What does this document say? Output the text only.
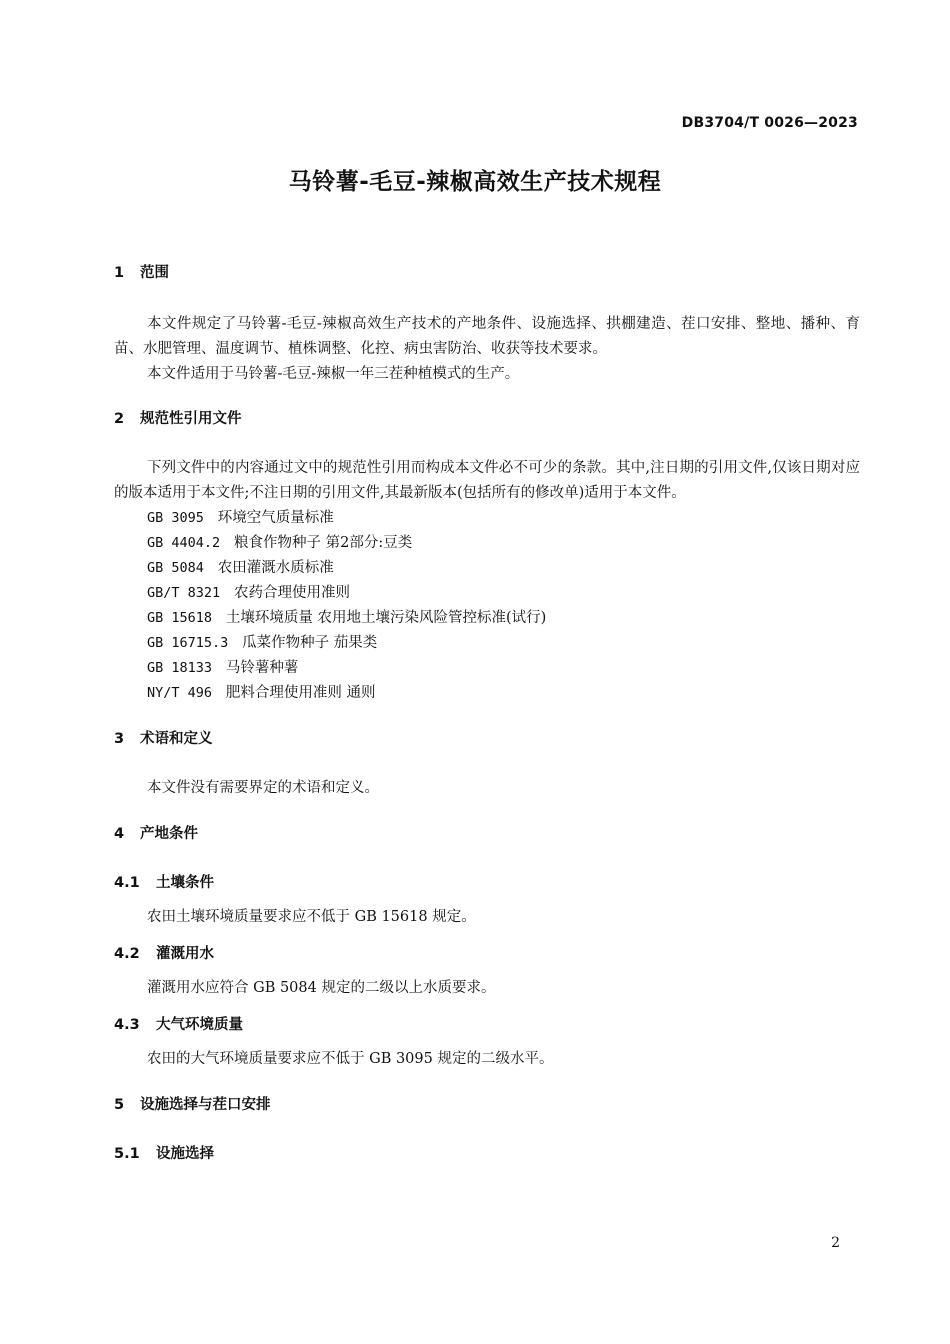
DB3704/T 0026—2023
马铃薯-毛豆-辣椒高效生产技术规程
1 范围

本文件规定了马铃薯-毛豆-辣椒高效生产技术的产地条件、设施选择、拱棚建造、茬口安排、整地、播种、育苗、水肥管理、温度调节、植株调整、化控、病虫害防治、收获等技术要求。

本文件适用于马铃薯-毛豆-辣椒一年三茬种植模式的生产。

2 规范性引用文件

下列文件中的内容通过文中的规范性引用而构成本文件必不可少的条款。其中,注日期的引用文件,仅该日期对应的版本适用于本文件;不注日期的引用文件,其最新版本(包括所有的修改单)适用于本文件。

GB 3095 环境空气质量标准
GB 4404.2 粮食作物种子 第2部分:豆类
GB 5084 农田灌溉水质标准
GB/T 8321 农药合理使用准则
GB 15618 土壤环境质量 农用地土壤污染风险管控标准(试行)
GB 16715.3 瓜菜作物种子 茄果类
GB 18133 马铃薯种薯
NY/T 496 肥料合理使用准则 通则
3 术语和定义

本文件没有需要界定的术语和定义。

4 产地条件
4.1 土壤条件

农田土壤环境质量要求应不低于 GB 15618 规定。

4.2 灌溉用水

灌溉用水应符合 GB 5084 规定的二级以上水质要求。

4.3 大气环境质量

农田的大气环境质量要求应不低于 GB 3095 规定的二级水平。

5 设施选择与茬口安排
5.1 设施选择
2
